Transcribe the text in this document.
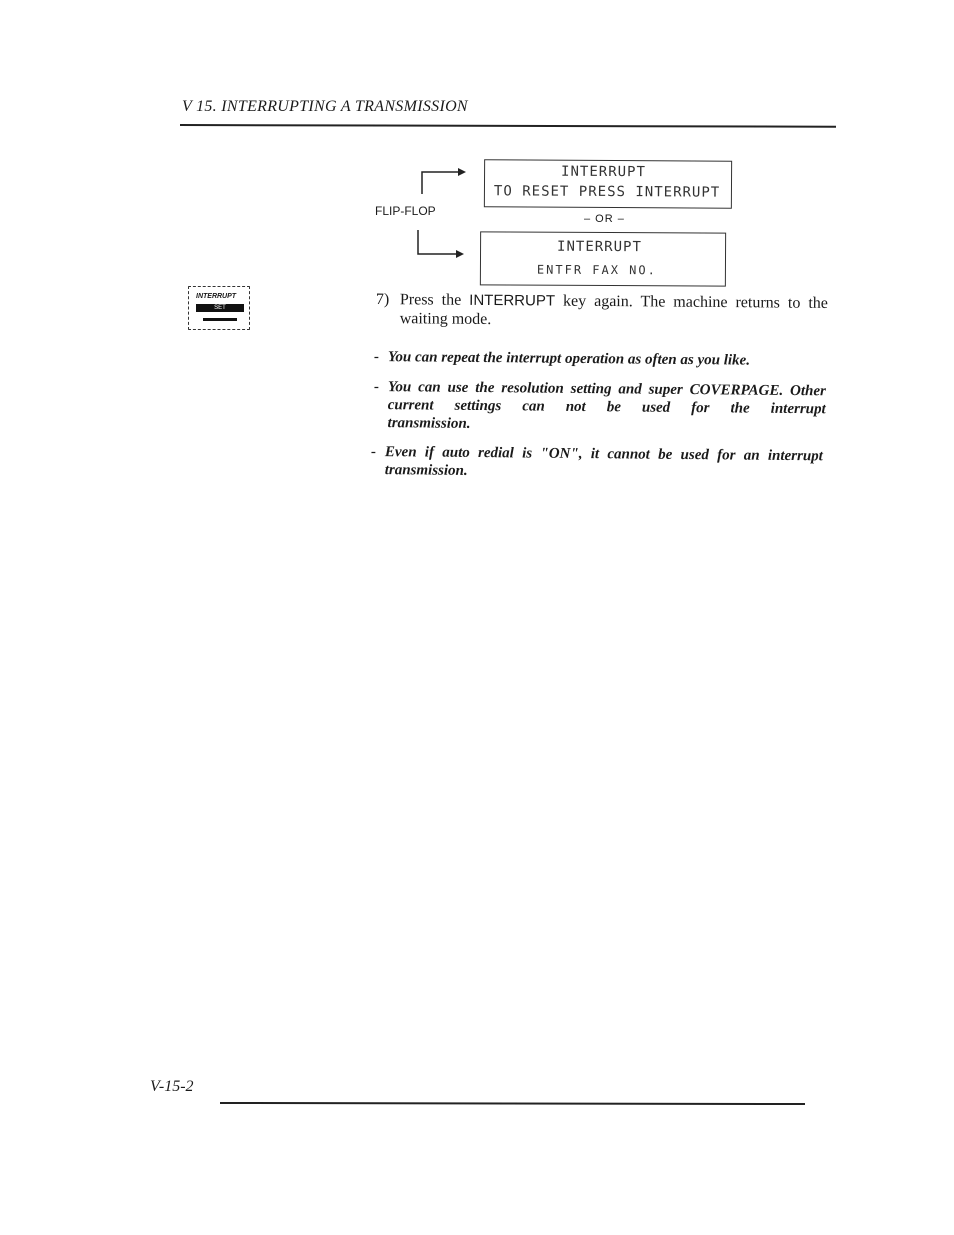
V 15. INTERRUPTING A TRANSMISSION
FLIP-FLOP
INTERRUPT
TO RESET PRESS INTERRUPT
– OR –
INTERRUPT
ENTFR FAX NO.
INTERRUPT
SET	7) Press the INTERRUPT key again. The machine returns to the waiting mode.
- You can repeat the interrupt operation as often as you like.
- You can use the resolution setting and super COVERPAGE. Other current settings can not be used for the interrupt
transmission.
- Even if auto redial is "ON", it cannot be used for an interrupt transmission.
V-15-2
